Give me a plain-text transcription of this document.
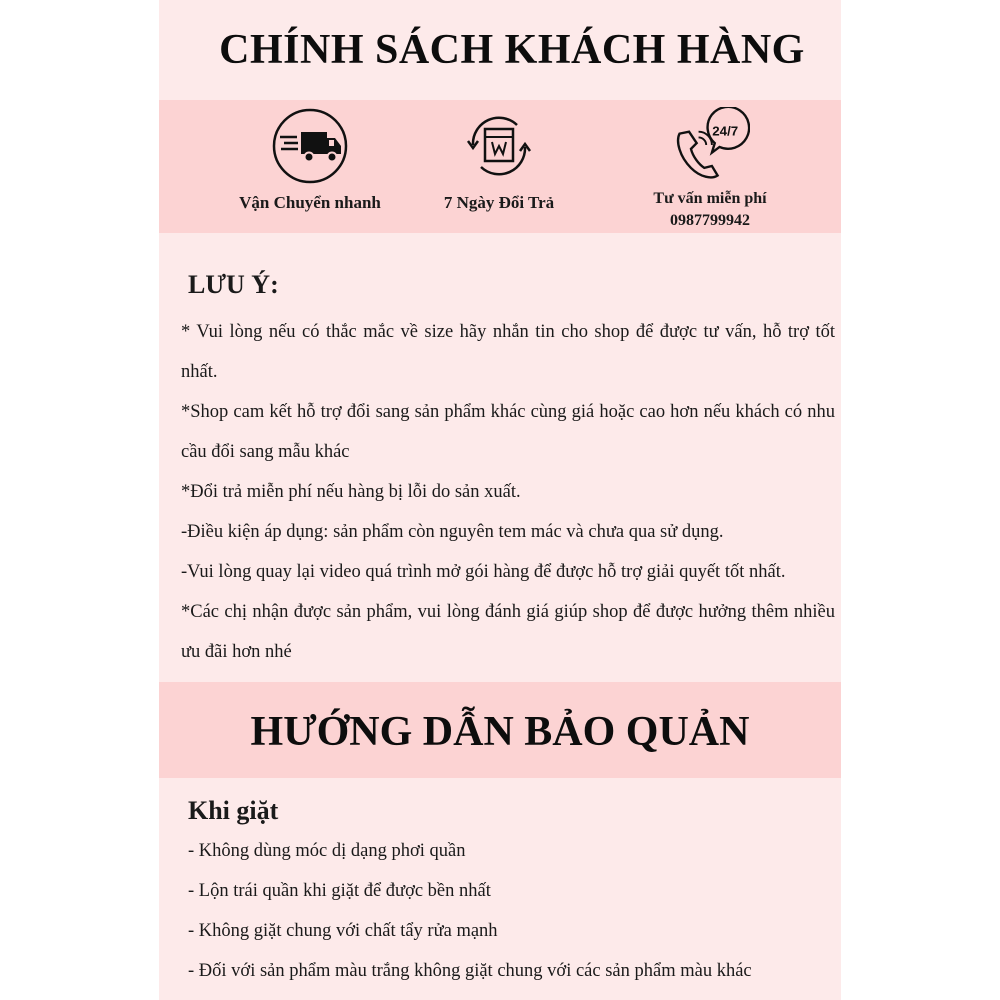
CHÍNH SÁCH KHÁCH HÀNG
Vận Chuyển nhanh	7 Ngày Đổi Trả
24/7
Tư vấn miễn phí
0987799942
LƯU Ý:

* Vui lòng nếu có thắc mắc về size hãy nhắn tin cho shop để được tư vấn, hỗ trợ tốt nhất.

*Shop cam kết hỗ trợ đổi sang sản phẩm khác cùng giá hoặc cao hơn nếu khách có nhu cầu đổi sang mẫu khác

*Đổi trả miễn phí nếu hàng bị lỗi do sản xuất.

-Điều kiện áp dụng: sản phẩm còn nguyên tem mác và chưa qua sử dụng.

-Vui lòng quay lại video quá trình mở gói hàng để được hỗ trợ giải quyết tốt nhất.

*Các chị nhận được sản phẩm, vui lòng đánh giá giúp shop để được hưởng thêm nhiều ưu đãi hơn nhé

HƯỚNG DẪN BẢO QUẢN
Khi giặt
- Không dùng móc dị dạng phơi quần
- Lộn trái quần khi giặt để được bền nhất
- Không giặt chung với chất tẩy rửa mạnh
- Đối với sản phẩm màu trắng không giặt chung với các sản phẩm màu khác
